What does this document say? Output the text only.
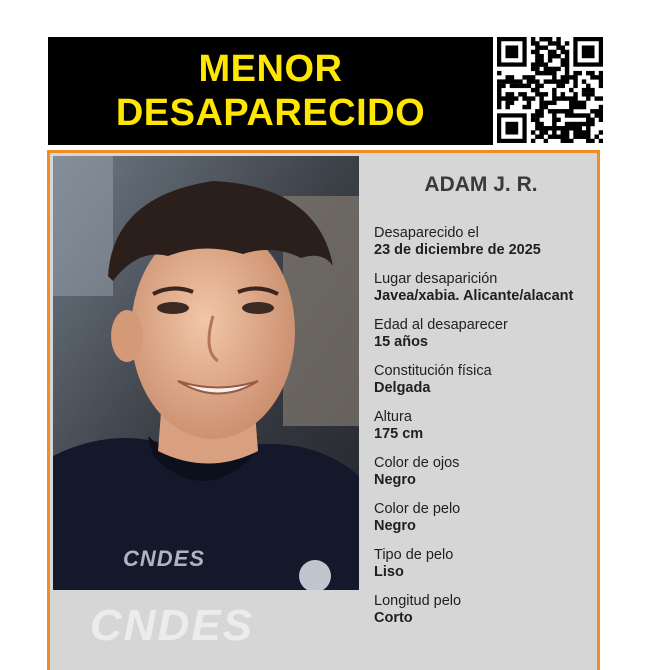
MENOR
DESAPARECIDO
CNDES
CNDES
ADAM J. R.
Desaparecido el
23 de diciembre de 2025
Lugar desaparición
Javea/xabia. Alicante/alacant
Edad al desaparecer
15 años
Constitución física
Delgada
Altura
175 cm
Color de ojos
Negro
Color de pelo
Negro
Tipo de pelo
Liso
Longitud pelo
Corto
